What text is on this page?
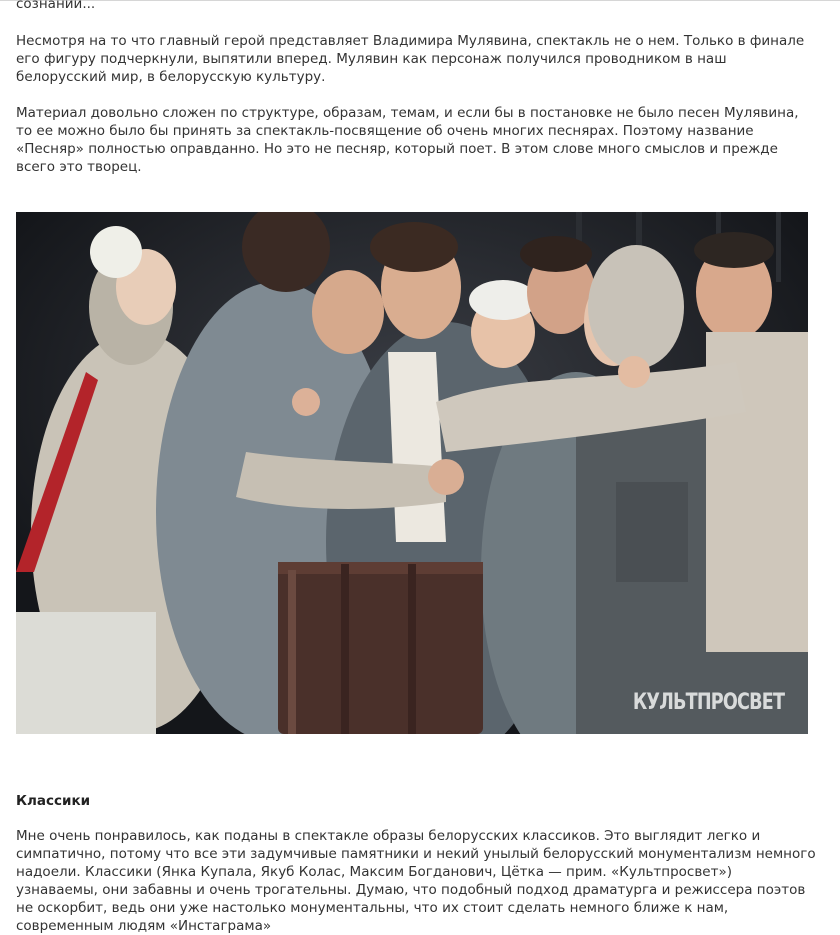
сознании...

Несмотря на то что главный герой представляет Владимира Мулявина, спектакль не о нем. Только в финале его фигуру подчеркнули, выпятили вперед. Мулявин как персонаж получился проводником в наш белорусский мир, в белорусскую культуру.

Материал довольно сложен по структуре, образам, темам, и если бы в постановке не было песен Мулявина, то ее можно было бы принять за спектакль-посвящение об очень многих песнярах. Поэтому название «Песняр» полностью оправданно. Но это не песняр, который поет. В этом слове много смыслов и прежде всего это творец.

КУЛЬТПРОСВЕТ
Классики

Мне очень понравилось, как поданы в спектакле образы белорусских классиков. Это выглядит легко и симпатично, потому что все эти задумчивые памятники и некий унылый белорусский монументализм немного надоели. Классики (Янка Купала, Якуб Колас, Максим Богданович, Цётка — прим. «Культпросвет») узнаваемы, они забавны и очень трогательны. Думаю, что подобный подход драматурга и режиссера поэтов не оскорбит, ведь они уже настолько монументальны, что их стоит сделать немного ближе к нам, современным людям «Инстаграма»
